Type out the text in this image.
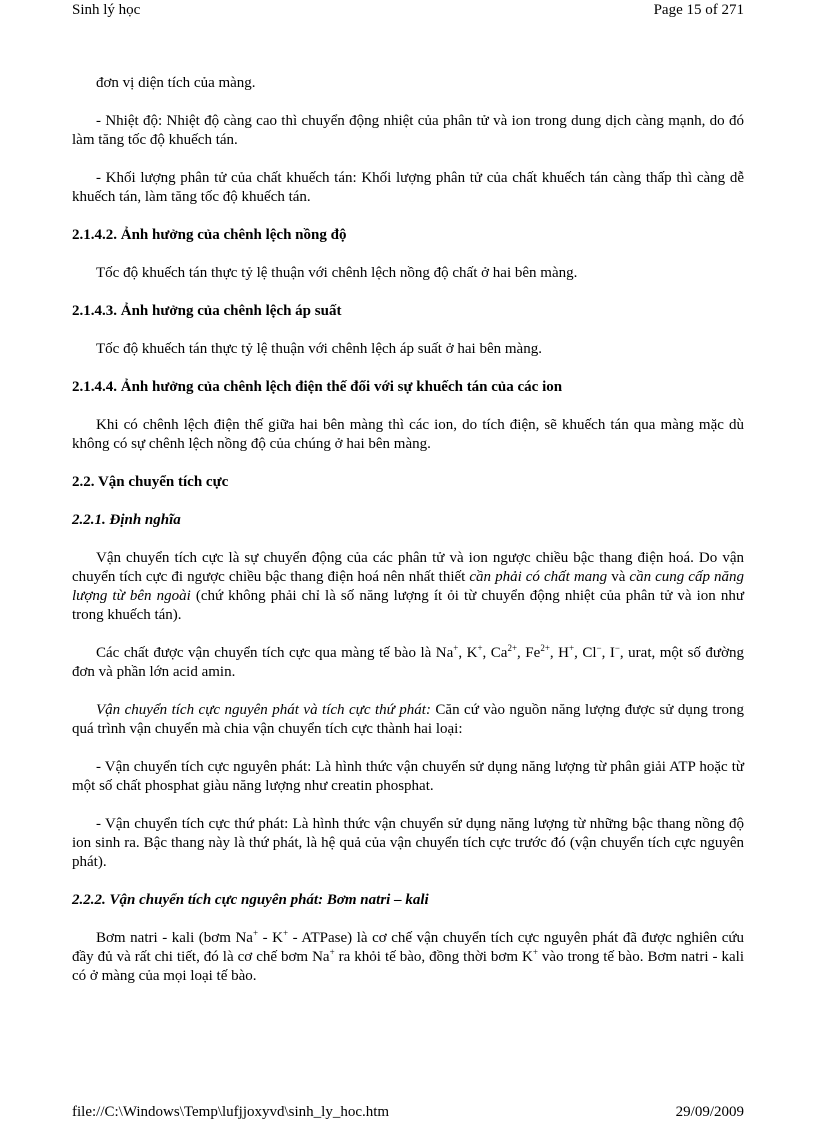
Sinh lý học	Page 15 of 271

đơn vị diện tích của màng.

- Nhiệt độ: Nhiệt độ càng cao thì chuyển động nhiệt của phân tử và ion trong dung dịch càng mạnh, do đó làm tăng tốc độ khuếch tán.

- Khối lượng phân tử của chất khuếch tán: Khối lượng phân tử của chất khuếch tán càng thấp thì càng dễ khuếch tán, làm tăng tốc độ khuếch tán.

2.1.4.2. Ảnh hưởng của chênh lệch nồng độ

Tốc độ khuếch tán thực tỷ lệ thuận với chênh lệch nồng độ chất ở hai bên màng.

2.1.4.3. Ảnh hưởng của chênh lệch áp suất

Tốc độ khuếch tán thực tỷ lệ thuận với chênh lệch áp suất ở hai bên màng.

2.1.4.4. Ảnh hưởng của chênh lệch điện thế đối với sự khuếch tán của các ion

Khi có chênh lệch điện thế giữa hai bên màng thì các ion, do tích điện, sẽ khuếch tán qua màng mặc dù không có sự chênh lệch nồng độ của chúng ở hai bên màng.

2.2. Vận chuyển tích cực
2.2.1. Định nghĩa

Vận chuyển tích cực là sự chuyển động của các phân tử và ion ngược chiều bậc thang điện hoá. Do vận chuyển tích cực đi ngược chiều bậc thang điện hoá nên nhất thiết cần phải có chất mang và cần cung cấp năng lượng từ bên ngoài (chứ không phải chỉ là số năng lượng ít ỏi từ chuyển động nhiệt của phân tử và ion như trong khuếch tán).

Các chất được vận chuyển tích cực qua màng tế bào là Na+, K+, $Ca^{2+}$, $Fe^{2+}$, H+, Cl−, I−, urat, một số đường đơn và phần lớn acid amin.

Vận chuyển tích cực nguyên phát và tích cực thứ phát: Căn cứ vào nguồn năng lượng được sử dụng trong quá trình vận chuyển mà chia vận chuyển tích cực thành hai loại:

- Vận chuyển tích cực nguyên phát: Là hình thức vận chuyển sử dụng năng lượng từ phân giải ATP hoặc từ một số chất phosphat giàu năng lượng như creatin phosphat.

- Vận chuyển tích cực thứ phát: Là hình thức vận chuyển sử dụng năng lượng từ những bậc thang nồng độ ion sinh ra. Bậc thang này là thứ phát, là hệ quả của vận chuyển tích cực trước đó (vận chuyển tích cực nguyên phát).

2.2.2. Vận chuyển tích cực nguyên phát: Bơm natri – kali

Bơm natri - kali (bơm Na+ - K+ - ATPase) là cơ chế vận chuyển tích cực nguyên phát đã được nghiên cứu đầy đủ và rất chi tiết, đó là cơ chế bơm Na+ ra khỏi tế bào, đồng thời bơm K+ vào trong tế bào. Bơm natri - kali có ở màng của mọi loại tế bào.

file://C:\Windows\Temp\lufjjoxyvd\sinh_ly_hoc.htm	29/09/2009
